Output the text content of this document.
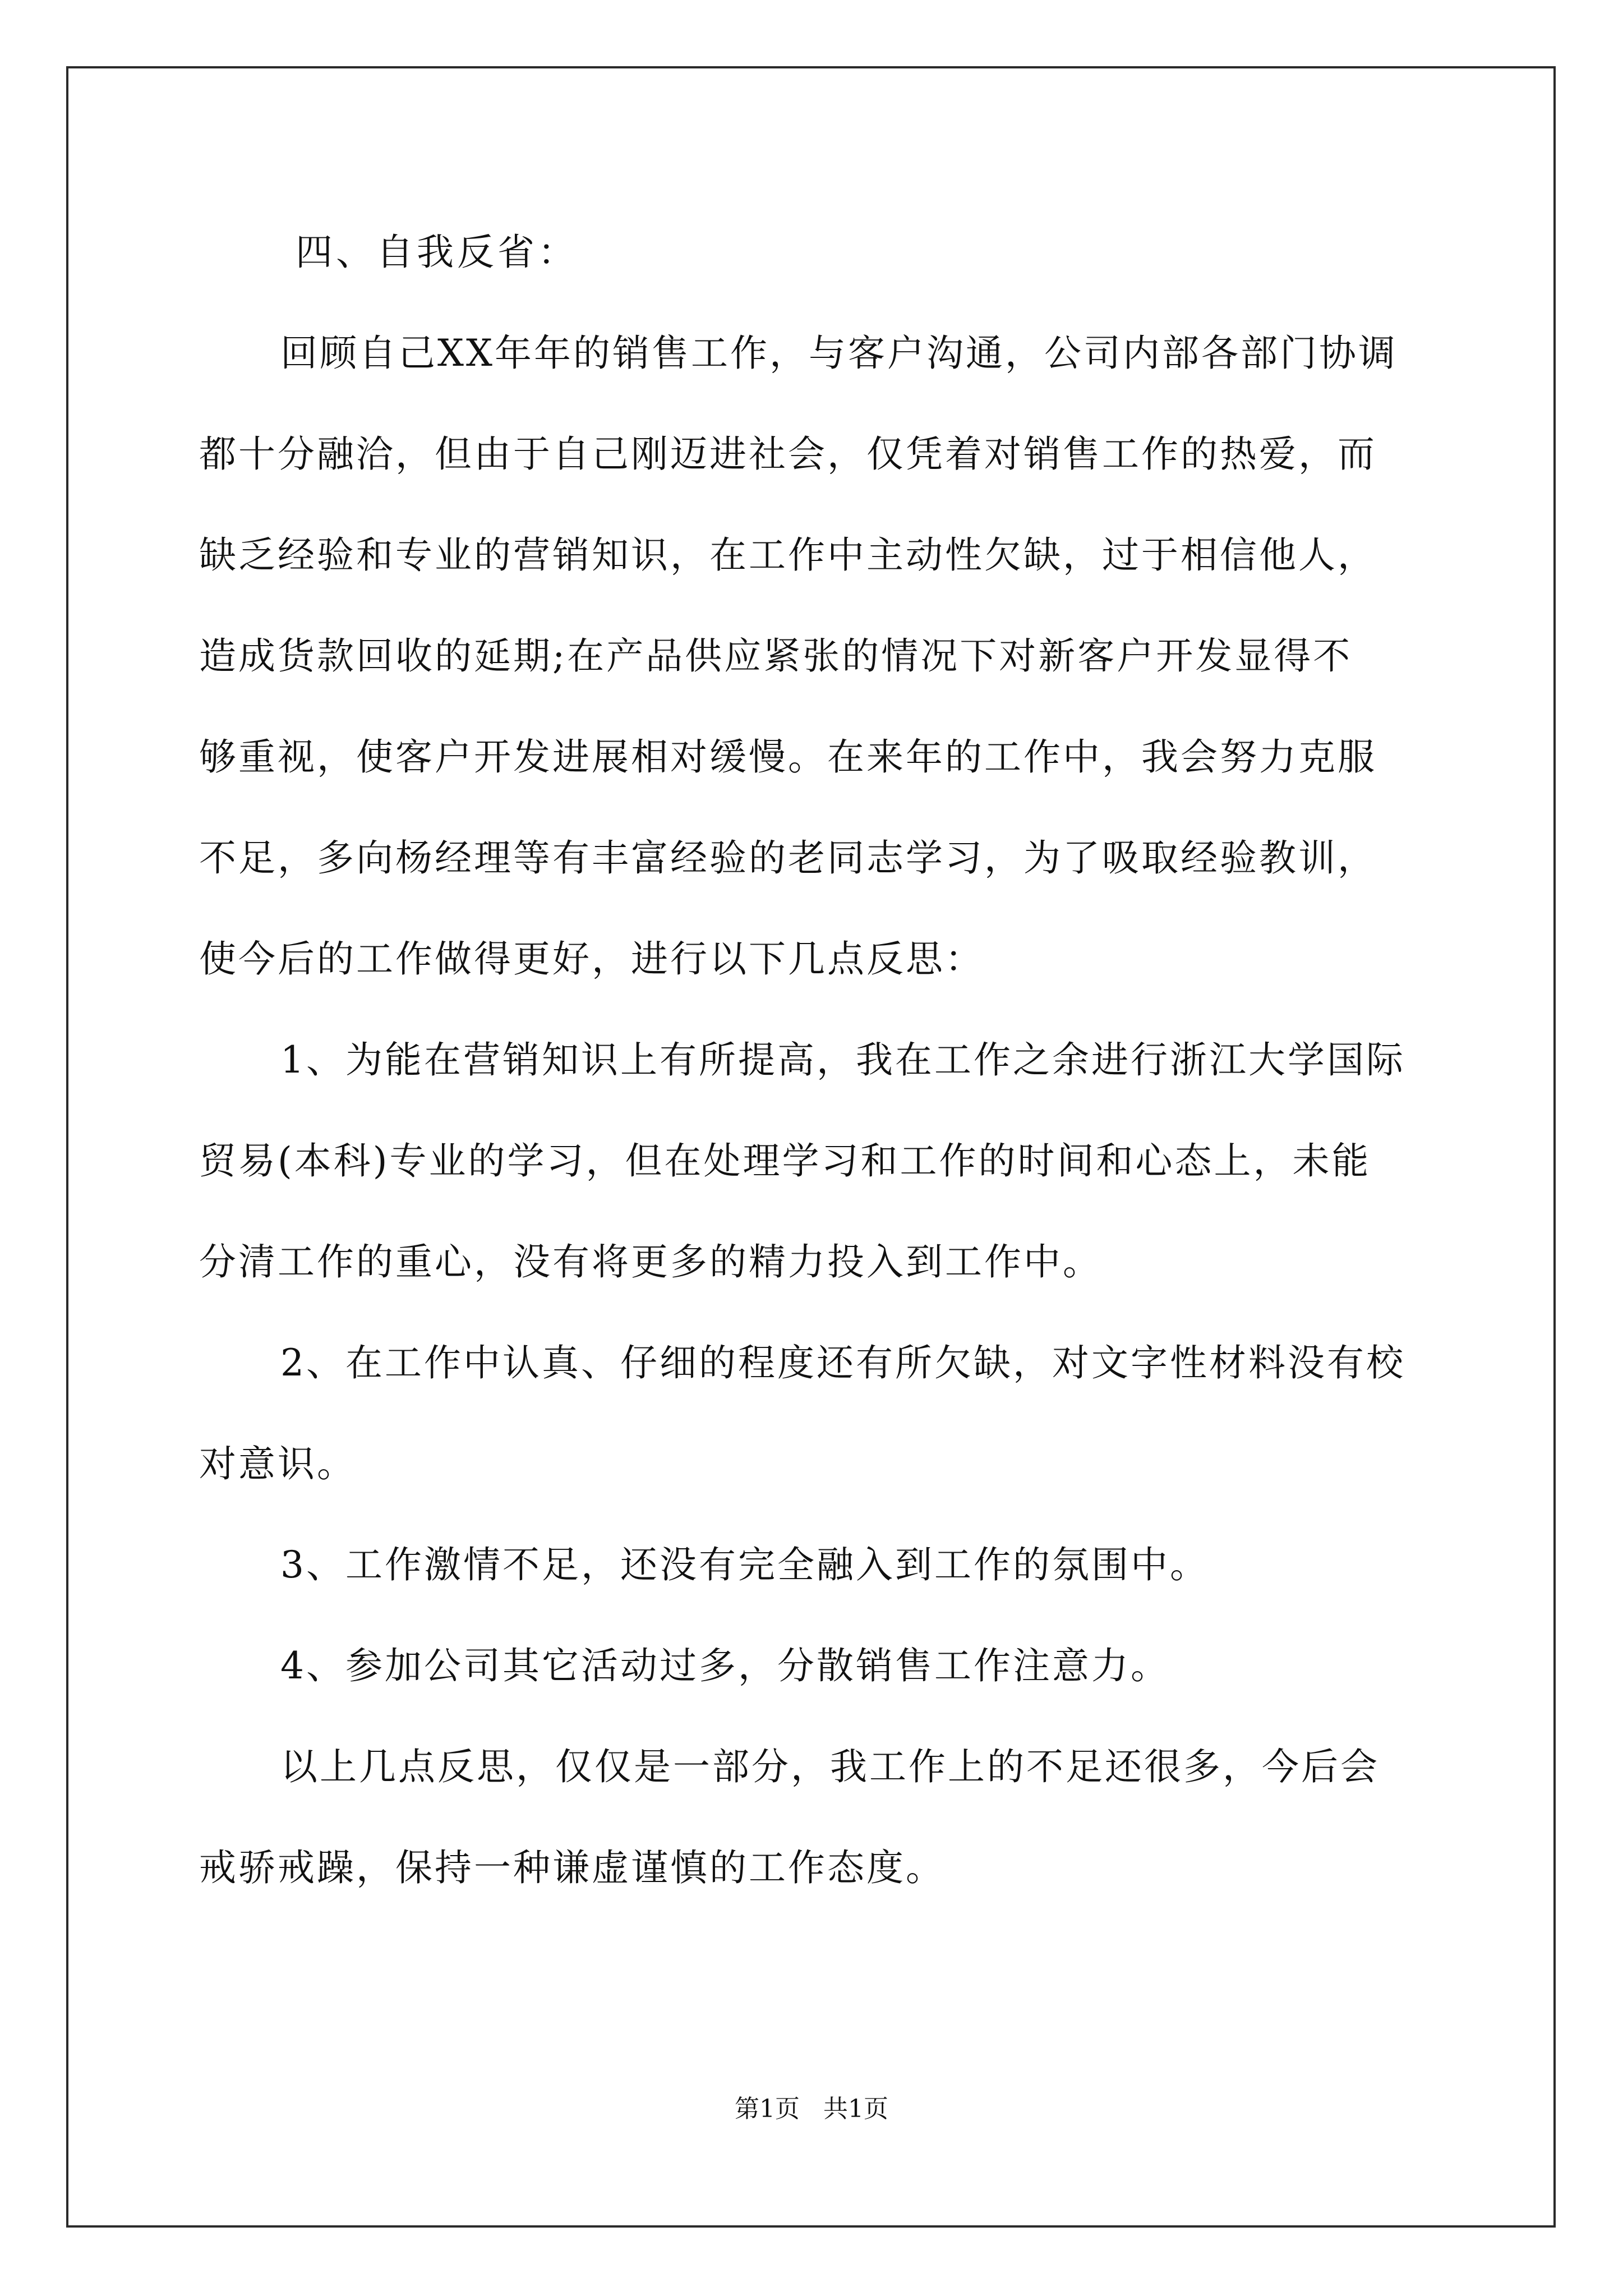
四、自我反省：
回顾自己XX年年的销售工作，与客户沟通，公司内部各部门协调
都十分融洽，但由于自己刚迈进社会，仅凭着对销售工作的热爱，而
缺乏经验和专业的营销知识，在工作中主动性欠缺，过于相信他人，
造成货款回收的延期;在产品供应紧张的情况下对新客户开发显得不
够重视，使客户开发进展相对缓慢。在来年的工作中，我会努力克服
不足，多向杨经理等有丰富经验的老同志学习，为了吸取经验教训，
使今后的工作做得更好，进行以下几点反思：
1、为能在营销知识上有所提高，我在工作之余进行浙江大学国际
贸易(本科)专业的学习，但在处理学习和工作的时间和心态上，未能
分清工作的重心，没有将更多的精力投入到工作中。
2、在工作中认真、仔细的程度还有所欠缺，对文字性材料没有校
对意识。
3、工作激情不足，还没有完全融入到工作的氛围中。
4、参加公司其它活动过多，分散销售工作注意力。
以上几点反思，仅仅是一部分，我工作上的不足还很多，今后会
戒骄戒躁，保持一种谦虚谨慎的工作态度。
第1页 共1页
